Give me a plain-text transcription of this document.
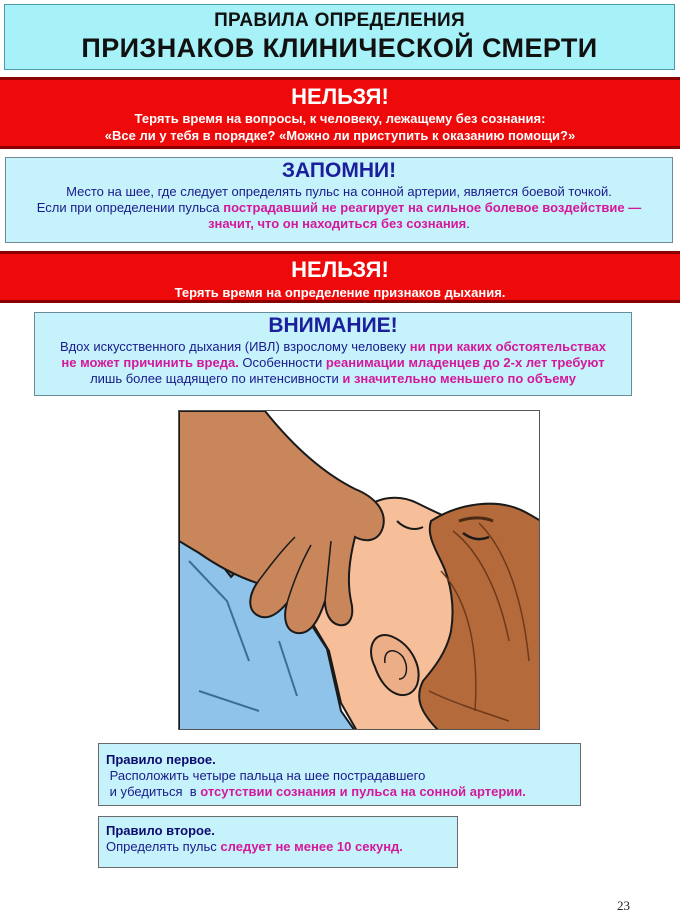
ПРАВИЛА ОПРЕДЕЛЕНИЯ
ПРИЗНАКОВ КЛИНИЧЕСКОЙ СМЕРТИ
НЕЛЬЗЯ!
Терять время на вопросы, к человеку, лежащему без сознания:
«Все ли у тебя в порядке? «Можно ли приступить к оказанию помощи?»
ЗАПОМНИ!
Место на шее, где следует определять пульс на сонной артерии, является боевой точкой.
Если при определении пульса пострадавший не реагирует на сильное болевое воздействие —
значит, что он находиться без сознания.
НЕЛЬЗЯ!
Терять время на определение признаков дыхания.
ВНИМАНИЕ!
Вдох искусственного дыхания (ИВЛ) взрослому человеку ни при каких обстоятельствах
не может причинить вреда. Особенности реанимации младенцев до 2-х лет требуют
лишь более щадящего по интенсивности и значительно меньшего по объему
Правило первое.
Расположить четыре пальца на шее пострадавшего
и убедиться  в отсутствии сознания и пульса на сонной артерии.
Правило второе.
Определять пульс следует не менее 10 секунд.
23
